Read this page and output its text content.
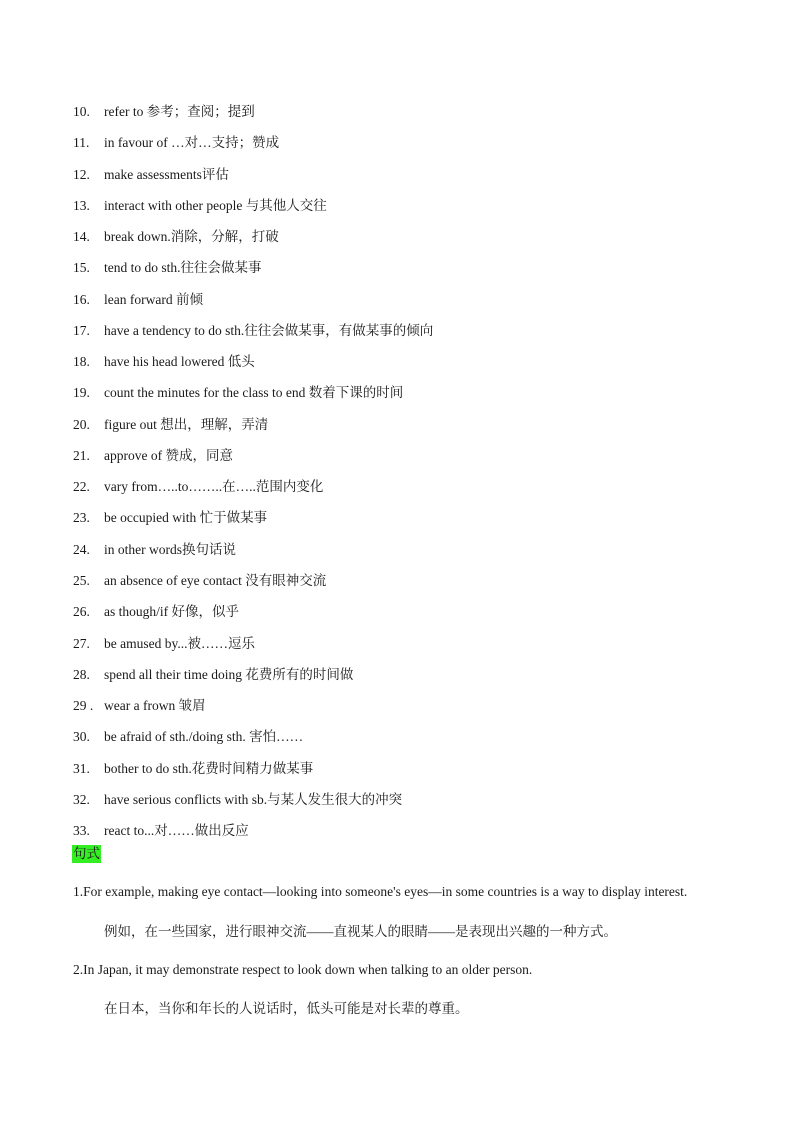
10.	refer to 参考；查阅；提到
11.	in favour of …对…支持；赞成
12.	make assessments评估
13.	interact with other people 与其他人交往
14.	break down.消除，分解，打破
15.	tend to do sth.往往会做某事
16.	lean forward 前倾
17.	have a tendency to do sth.往往会做某事，有做某事的倾向
18.	have his head lowered 低头
19.	count the minutes for the class to end 数着下课的时间
20.	figure out 想出，理解，弄清
21.	approve of 赞成，同意
22.	vary from…..to……..在…..范围内变化
23.	be occupied with 忙于做某事
24.	in other words换句话说
25.	an absence of eye contact 没有眼神交流
26.	as though/if 好像，似乎
27.	be amused by...被……逗乐
28.	spend all their time doing 花费所有的时间做
29 . wear a frown 皱眉
30.	be afraid of sth./doing sth. 害怕……
31.	bother to do sth.花费时间精力做某事
32.	have serious conflicts with sb.与某人发生很大的冲突
33.	react to...对……做出反应
句式
1.For example, making eye contact—looking into someone's eyes—in some countries is a way to display interest.
例如，在一些国家，进行眼神交流——直视某人的眼睛——是表现出兴趣的一种方式。
2.In Japan, it may demonstrate respect to look down when talking to an older person.
在日本，当你和年长的人说话时，低头可能是对长辈的尊重。
